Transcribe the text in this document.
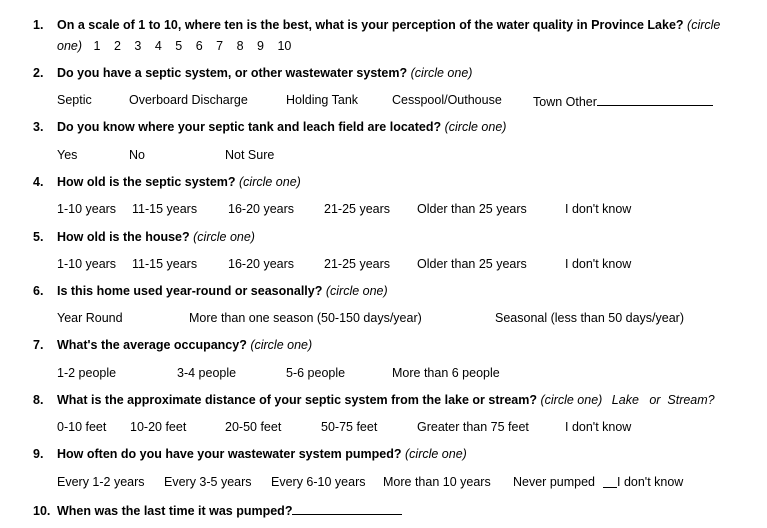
1. On a scale of 1 to 10, where ten is the best, what is your perception of the water quality in Province Lake? (circle
one) 1 2 3 4 5 6 7 8 9 10
2. Do you have a septic system, or other wastewater system? (circle one)
Septic	Overboard Discharge	Holding Tank	Cesspool/Outhouse Town Other
3. Do you know where your septic tank and leach field are located? (circle one)
Yes	No	Not Sure
4. How old is the septic system? (circle one)
1-10 years 11-15 years 16-20 years 21-25 years Older than 25 years	I don't know
5. How old is the house? (circle one)
1-10 years 11-15 years 16-20 years 21-25 years Older than 25 years	I don't know
6. Is this home used year-round or seasonally? (circle one)
Year Round	More than one season (50-150 days/year)	Seasonal (less than 50 days/year)
7. What's the average occupancy? (circle one)
1-2 people	3-4 people	5-6 people	More than 6 people
8. What is the approximate distance of your septic system from the lake or stream? (circle one) Lake   or  Stream?
0-10 feet 10-20 feet	20-50 feet	50-75 feet	Greater than 75 feet	I don't know
9. How often do you have your wastewater system pumped? (circle one)
Every 1-2 years Every 3-5 years Every 6-10 years More than 10 years Never pumped I don't know
10. When was the last time it was pumped?
